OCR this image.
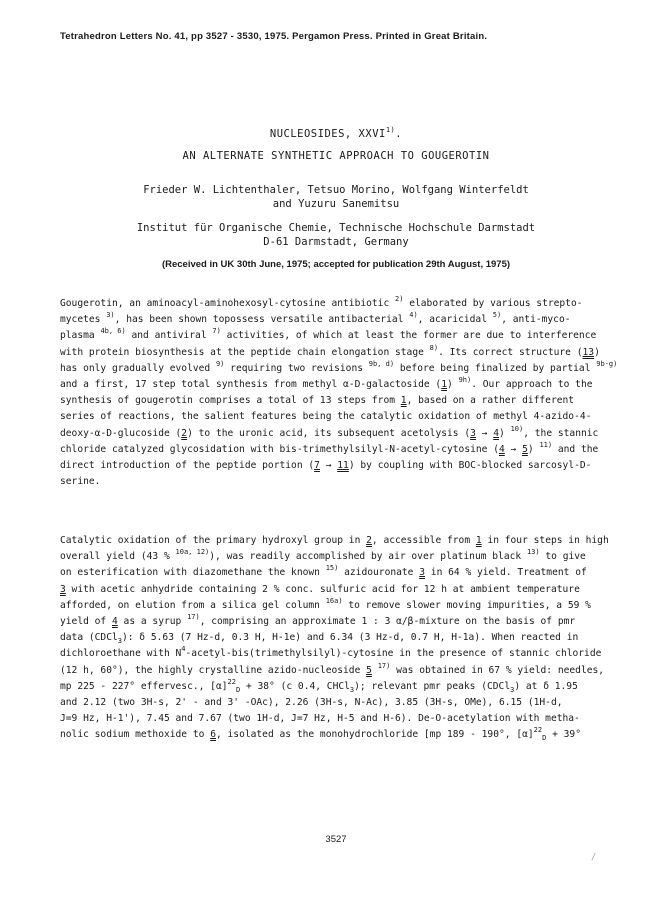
Tetrahedron Letters No. 41, pp 3527 - 3530, 1975. Pergamon Press. Printed in Great Britain.
NUCLEOSIDES, XXVI$^{1)}$.
AN ALTERNATE SYNTHETIC APPROACH TO GOUGEROTIN
Frieder W. Lichtenthaler, Tetsuo Morino, Wolfgang Winterfeldt
and Yuzuru Sanemitsu
Institut für Organische Chemie, Technische Hochschule Darmstadt
D-61 Darmstadt, Germany
(Received in UK 30th June, 1975; accepted for publication 29th August, 1975)
Gougerotin, an aminoacyl-aminohexosyl-cytosine antibiotic $^{2)}$ elaborated by various strepto-
mycetes $^{3)}$, has been shown topossess versatile antibacterial $^{4)}$, acaricidal $^{5)}$, anti-myco-
plasma $^{4b, 6)}$ and antiviral $^{7)}$ activities, of which at least the former are due to interference
with protein biosynthesis at the peptide chain elongation stage $^{8)}$. Its correct structure (13)
has only gradually evolved $^{9)}$ requiring two revisions $^{9b, d)}$ before being finalized by partial $^{9b-g)}$
and a first, 17 step total synthesis from methyl α-D-galactoside (1) $^{9h)}$. Our approach to the
synthesis of gougerotin comprises a total of 13 steps from 1, based on a rather different
series of reactions, the salient features being the catalytic oxidation of methyl 4-azido-4-
deoxy-α-D-glucoside (2) to the uronic acid, its subsequent acetolysis (3 → 4) $^{10)}$, the stannic
chloride catalyzed glycosidation with bis-trimethylsilyl-N-acetyl-cytosine (4 → 5) $^{11)}$ and the
direct introduction of the peptide portion (7 → 11) by coupling with BOC-blocked sarcosyl-D-
serine.
Catalytic oxidation of the primary hydroxyl group in 2, accessible from 1 in four steps in high
overall yield (43 % $^{10a, 12)}$), was readily accomplished by air over platinum black $^{13)}$ to give
on esterification with diazomethane the known $^{15)}$ azidouronate 3 in 64 % yield. Treatment of
3 with acetic anhydride containing 2 % conc. sulfuric acid for 12 h at ambient temperature
afforded, on elution from a silica gel column $^{16a)}$ to remove slower moving impurities, a 59 %
yield of 4 as a syrup $^{17)}$, comprising an approximate 1 : 3 α/β-mixture on the basis of pmr
data (CDCl$_3$): δ 5.63 (7 Hz-d, 0.3 H, H-1e) and 6.34 (3 Hz-d, 0.7 H, H-1a). When reacted in
dichloroethane with $N^4-acetyl-bis(trimethylsilyl)$-cytosine in the presence of stannic chloride
(12 h, 60°), the highly crystalline azido-nucleoside 5 $^{17)}$ was obtained in 67 % yield: needles,
mp 225 - 227° effervesc., $[\alpha]^{22}_D + 38^\circ$ (c 0.4, CHCl$_3$); relevant pmr peaks (CDCl$_3$) at δ 1.95
and 2.12 (two 3H-s, 2' - and 3' -OAc), 2.26 (3H-s, N-Ac), 3.85 (3H-s, OMe), 6.15 (1H-d,
J=9 Hz, H-1'), 7.45 and 7.67 (two 1H-d, J=7 Hz, H-5 and H-6). De-O-acetylation with metha-
nolic sodium methoxide to 6, isolated as the monohydrochloride [mp 189 - 190°, $[\alpha]^{22}_D + 39^\circ$
3527
/
